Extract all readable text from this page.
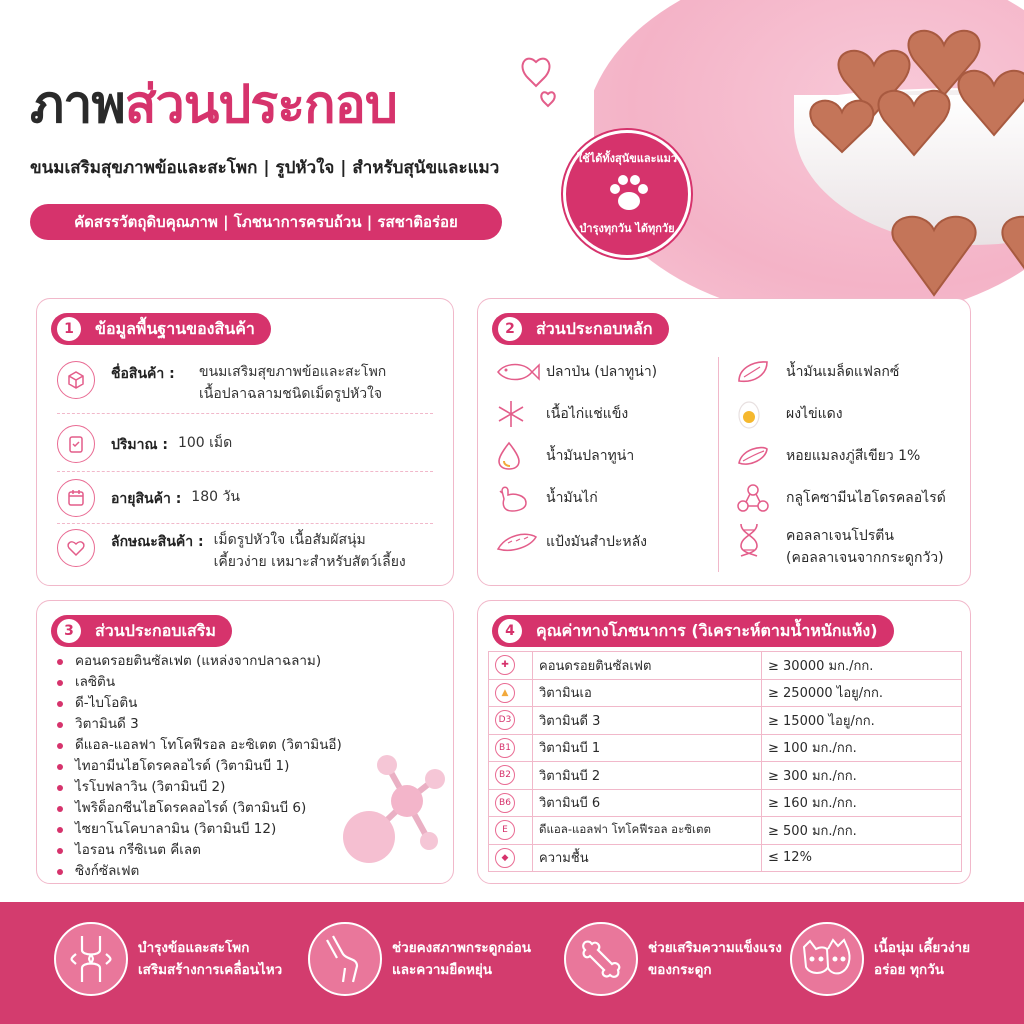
ภาพส่วนประกอบ
ขนมเสริมสุขภาพข้อและสะโพก | รูปหัวใจ | สำหรับสุนัขและแมว
คัดสรรวัตถุดิบคุณภาพ | โภชนาการครบถ้วน | รสชาติอร่อย
ใช้ได้ทั้งสุนัขและแมว
บำรุงทุกวัน ได้ทุกวัย
1	ข้อมูลพื้นฐานของสินค้า
ชื่อสินค้า :	ขนมเสริมสุขภาพข้อและสะโพก
เนื้อปลาฉลามชนิดเม็ดรูปหัวใจ
ปริมาณ : 100 เม็ด
อายุสินค้า : 180 วัน
ลักษณะสินค้า : เม็ดรูปหัวใจ เนื้อสัมผัสนุ่ม
เคี้ยวง่าย เหมาะสำหรับสัตว์เลี้ยง
2	ส่วนประกอบหลัก
ปลาป่น (ปลาทูน่า)
เนื้อไก่แช่แข็ง
น้ำมันปลาทูน่า
น้ำมันไก่
แป้งมันสำปะหลัง
น้ำมันเมล็ดแฟลกซ์
ผงไข่แดง
หอยแมลงภู่สีเขียว 1%
กลูโคซามีนไฮโดรคลอไรด์
คอลลาเจนโปรตีน
(คอลลาเจนจากกระดูกวัว)
3	ส่วนประกอบเสริม
คอนดรอยตินซัลเฟต (แหล่งจากปลาฉลาม)
เลซิติน
ดี-ไบโอติน
วิตามินดี 3
ดีแอล-แอลฟา โทโคฟีรอล อะซิเตต (วิตามินอี)
ไทอามีนไฮโดรคลอไรด์ (วิตามินบี 1)
ไรโบฟลาวิน (วิตามินบี 2)
ไพริด็อกซีนไฮโดรคลอไรด์ (วิตามินบี 6)
ไซยาโนโคบาลามิน (วิตามินบี 12)
ไอรอน กรีซิเนต คีเลต
ซิงก์ซัลเฟต
4	คุณค่าทางโภชนาการ (วิเคราะห์ตามน้ำหนักแห้ง)
✚	คอนดรอยตินซัลเฟต	≥ 30000 มก./กก.

▲	วิตามินเอ	≥ 250000 ไอยู/กก.

D3	วิตามินดี 3	≥ 15000 ไอยู/กก.

B1	วิตามินบี 1	≥ 100 มก./กก.

B2	วิตามินบี 2	≥ 300 มก./กก.

B6	วิตามินบี 6	≥ 160 มก./กก.

E	ดีแอล-แอลฟา โทโคฟีรอล อะซิเตต	≥ 500 มก./กก.

◆	ความชื้น	≤ 12%
บำรุงข้อและสะโพก
เสริมสร้างการเคลื่อนไหว
ช่วยคงสภาพกระดูกอ่อน
และความยืดหยุ่น
ช่วยเสริมความแข็งแรง
ของกระดูก
เนื้อนุ่ม เคี้ยวง่าย
อร่อย ทุกวัน
